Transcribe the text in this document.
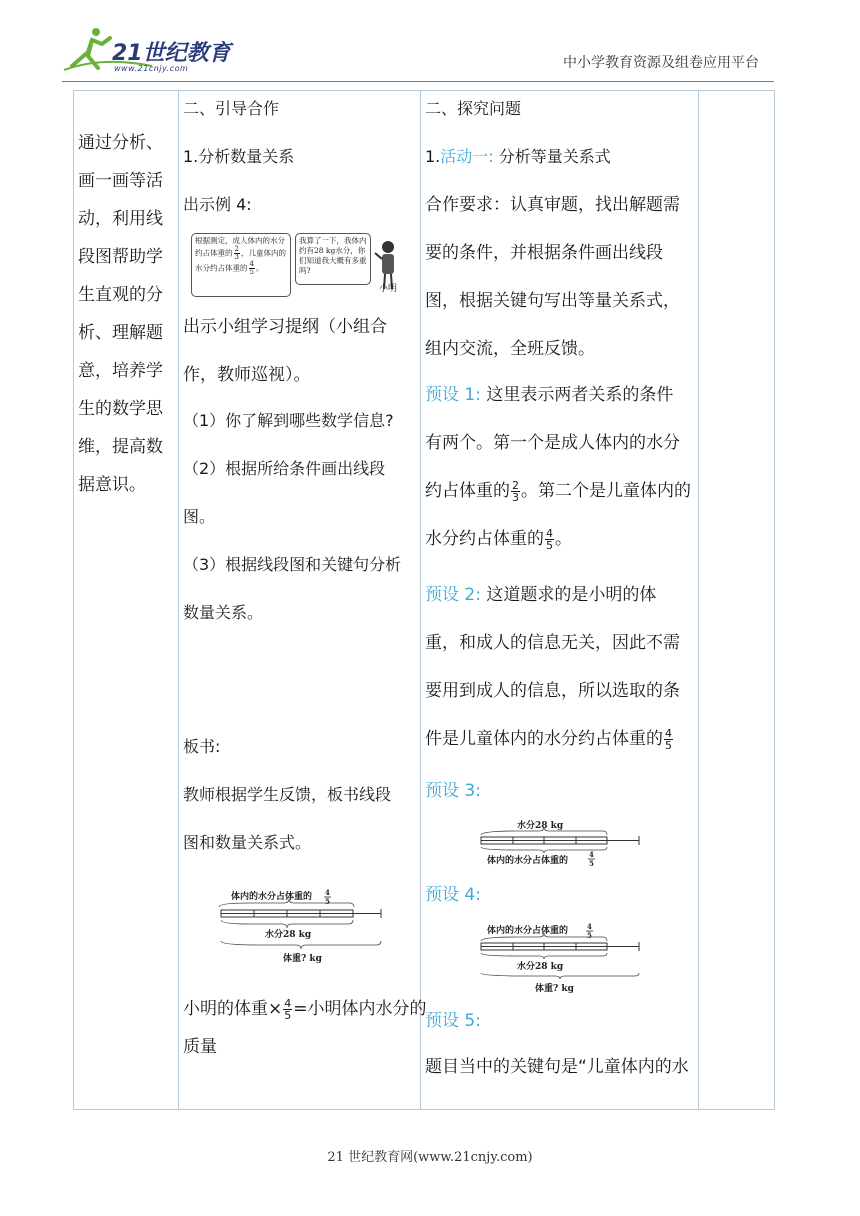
21世纪教育
www.21cnjy.com	中小学教育资源及组卷应用平台
通过分析、
画一画等活
动，利用线
段图帮助学
生直观的分
析、理解题
意，培养学
生的数学思
维，提高数
据意识。
二、引导合作
1.分析数量关系
出示例 4:
根据测定，成人体内的水分约占体重的 $\frac{2}{3}$ ，儿童体内的水分约占体重的 $\frac{4}{5}$ 。
我算了一下，我体内约有28 kg水分，你们知道我大概有多重吗?
小明
出示小组学习提纲（小组合
作，教师巡视）。
（1）你了解到哪些数学信息?
（2）根据所给条件画出线段
图。
（3）根据线段图和关键句分析
数量关系。
板书:
教师根据学生反馈，板书线段
图和数量关系式。
体内的水分占体重的 4
5
水分28 kg
体重? kg
小明的体重× $\frac{4}{5}$ =小明体内水分的
质量
二、探究问题
1.活动一: 分析等量关系式
合作要求：认真审题，找出解题需
要的条件，并根据条件画出线段
图，根据关键句写出等量关系式，
组内交流，全班反馈。
预设 1: 这里表示两者关系的条件
有两个。第一个是成人体内的水分
约占体重的 $\frac{2}{3}$ 。第二个是儿童体内的
水分约占体重的 $\frac{4}{5}$ 。
预设 2: 这道题求的是小明的体
重，和成人的信息无关，因此不需
要用到成人的信息，所以选取的条
件是儿童体内的水分约占体重的 $\frac{4}{5}$
预设 3:
水分28 kg
体内的水分占体重的
4
5
预设 4:
体内的水分占体重的	4
5
水分28 kg
体重? kg
预设 5:
题目当中的关键句是“儿童体内的水
21 世纪教育网(www.21cnjy.com)
